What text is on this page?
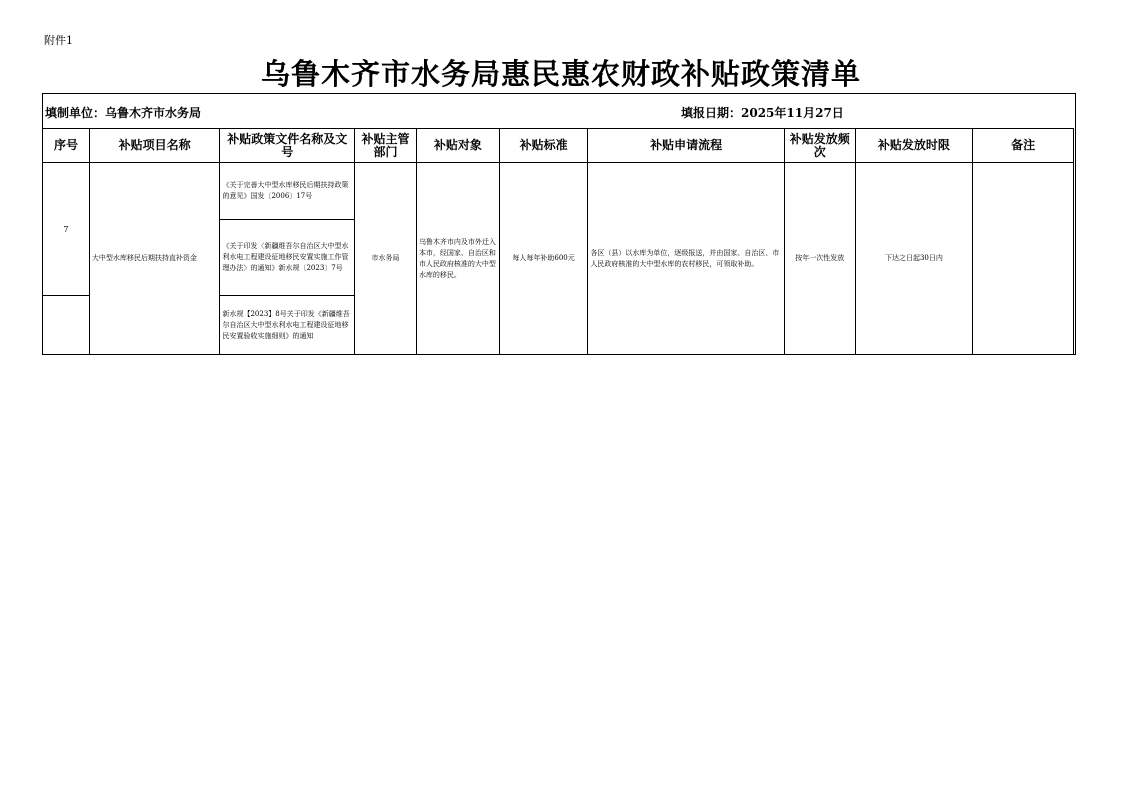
附件1
乌鲁木齐市水务局惠民惠农财政补贴政策清单
填制单位：乌鲁木齐市水务局	填报日期：2025年11月27日
序号	补贴项目名称	补贴政策文件名称及文号	补贴主管部门	补贴对象	补贴标准	补贴申请流程	补贴发放频次	补贴发放时限	备注
7	大中型水库移民后期扶持直补资金	《关于完善大中型水库移民后期扶持政策的意见》国发〔2006〕17号	市水务局	乌鲁木齐市内及市外迁入本市，经国家、自治区和市人民政府核准的大中型水库的移民。	每人每年补助600元	各区（县）以水库为单位，逐级报送，并由国家、自治区、市人民政府核准的大中型水库的农村移民，可领取补助。	按年一次性发放	下达之日起30日内	
		《关于印发〈新疆维吾尔自治区大中型水利水电工程建设征地移民安置实施工作管理办法〉的通知》新水规〔2023〕7号							
		新水规【2023】8号关于印发《新疆维吾尔自治区大中型水利水电工程建设征地移民安置验收实施细则》的通知							
